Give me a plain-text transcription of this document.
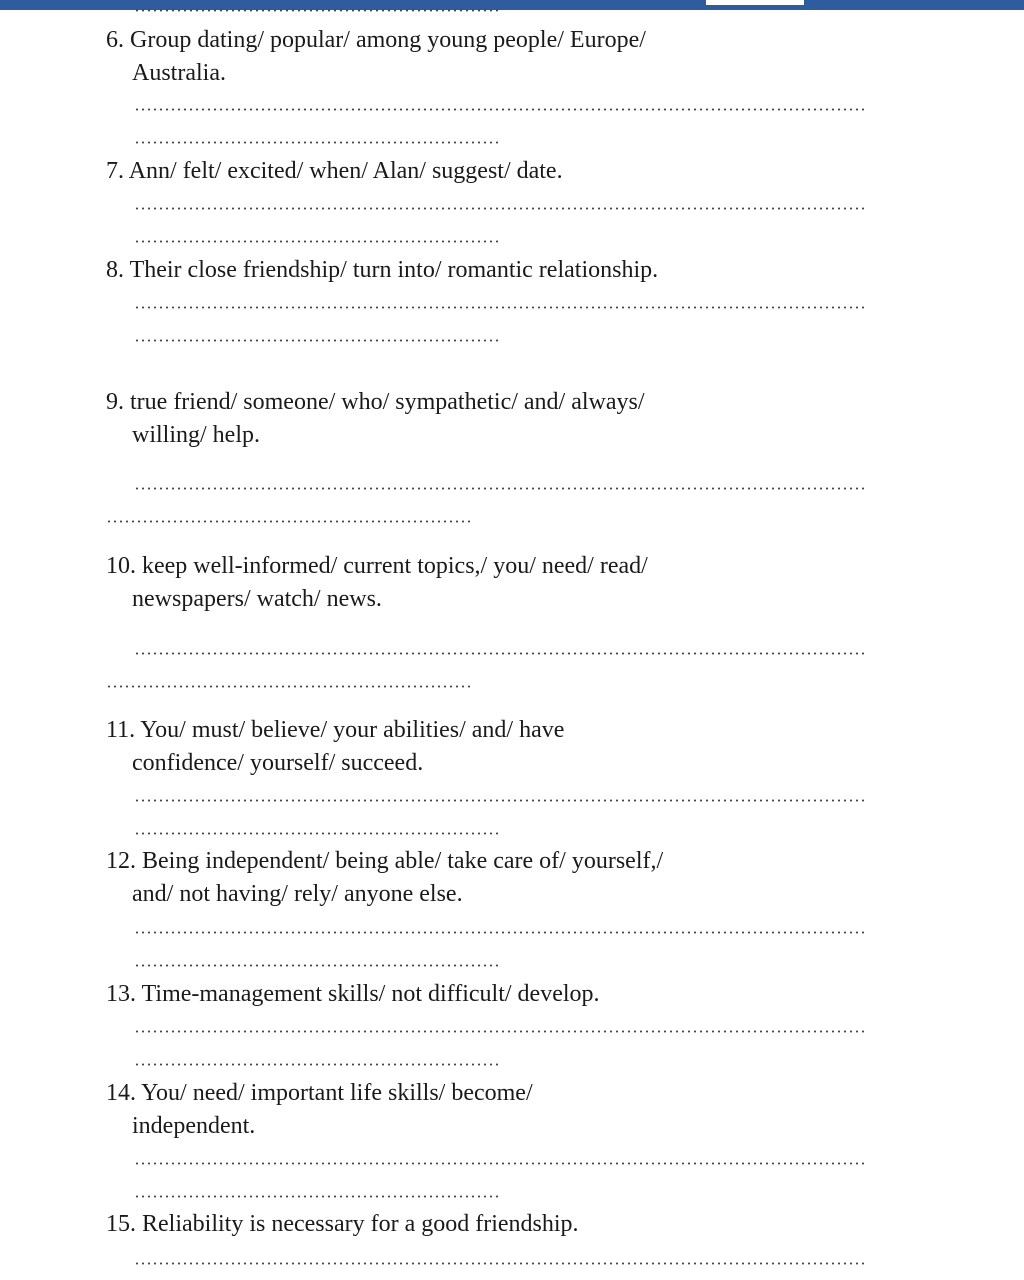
6. Group dating/ popular/ among young people/ Europe/
Australia.
7. Ann/ felt/ excited/ when/ Alan/ suggest/ date.
8. Their close friendship/ turn into/ romantic relationship.
9. true friend/ someone/ who/ sympathetic/ and/ always/
willing/ help.
10. keep well-informed/ current topics,/ you/ need/ read/
newspapers/ watch/ news.
11. You/ must/ believe/ your abilities/ and/ have
confidence/ yourself/ succeed.
12. Being independent/ being able/ take care of/ yourself,/
and/ not having/ rely/ anyone else.
13. Time-management skills/ not difficult/ develop.
14. You/ need/ important life skills/ become/
independent.
15. Reliability is necessary for a good friendship.
